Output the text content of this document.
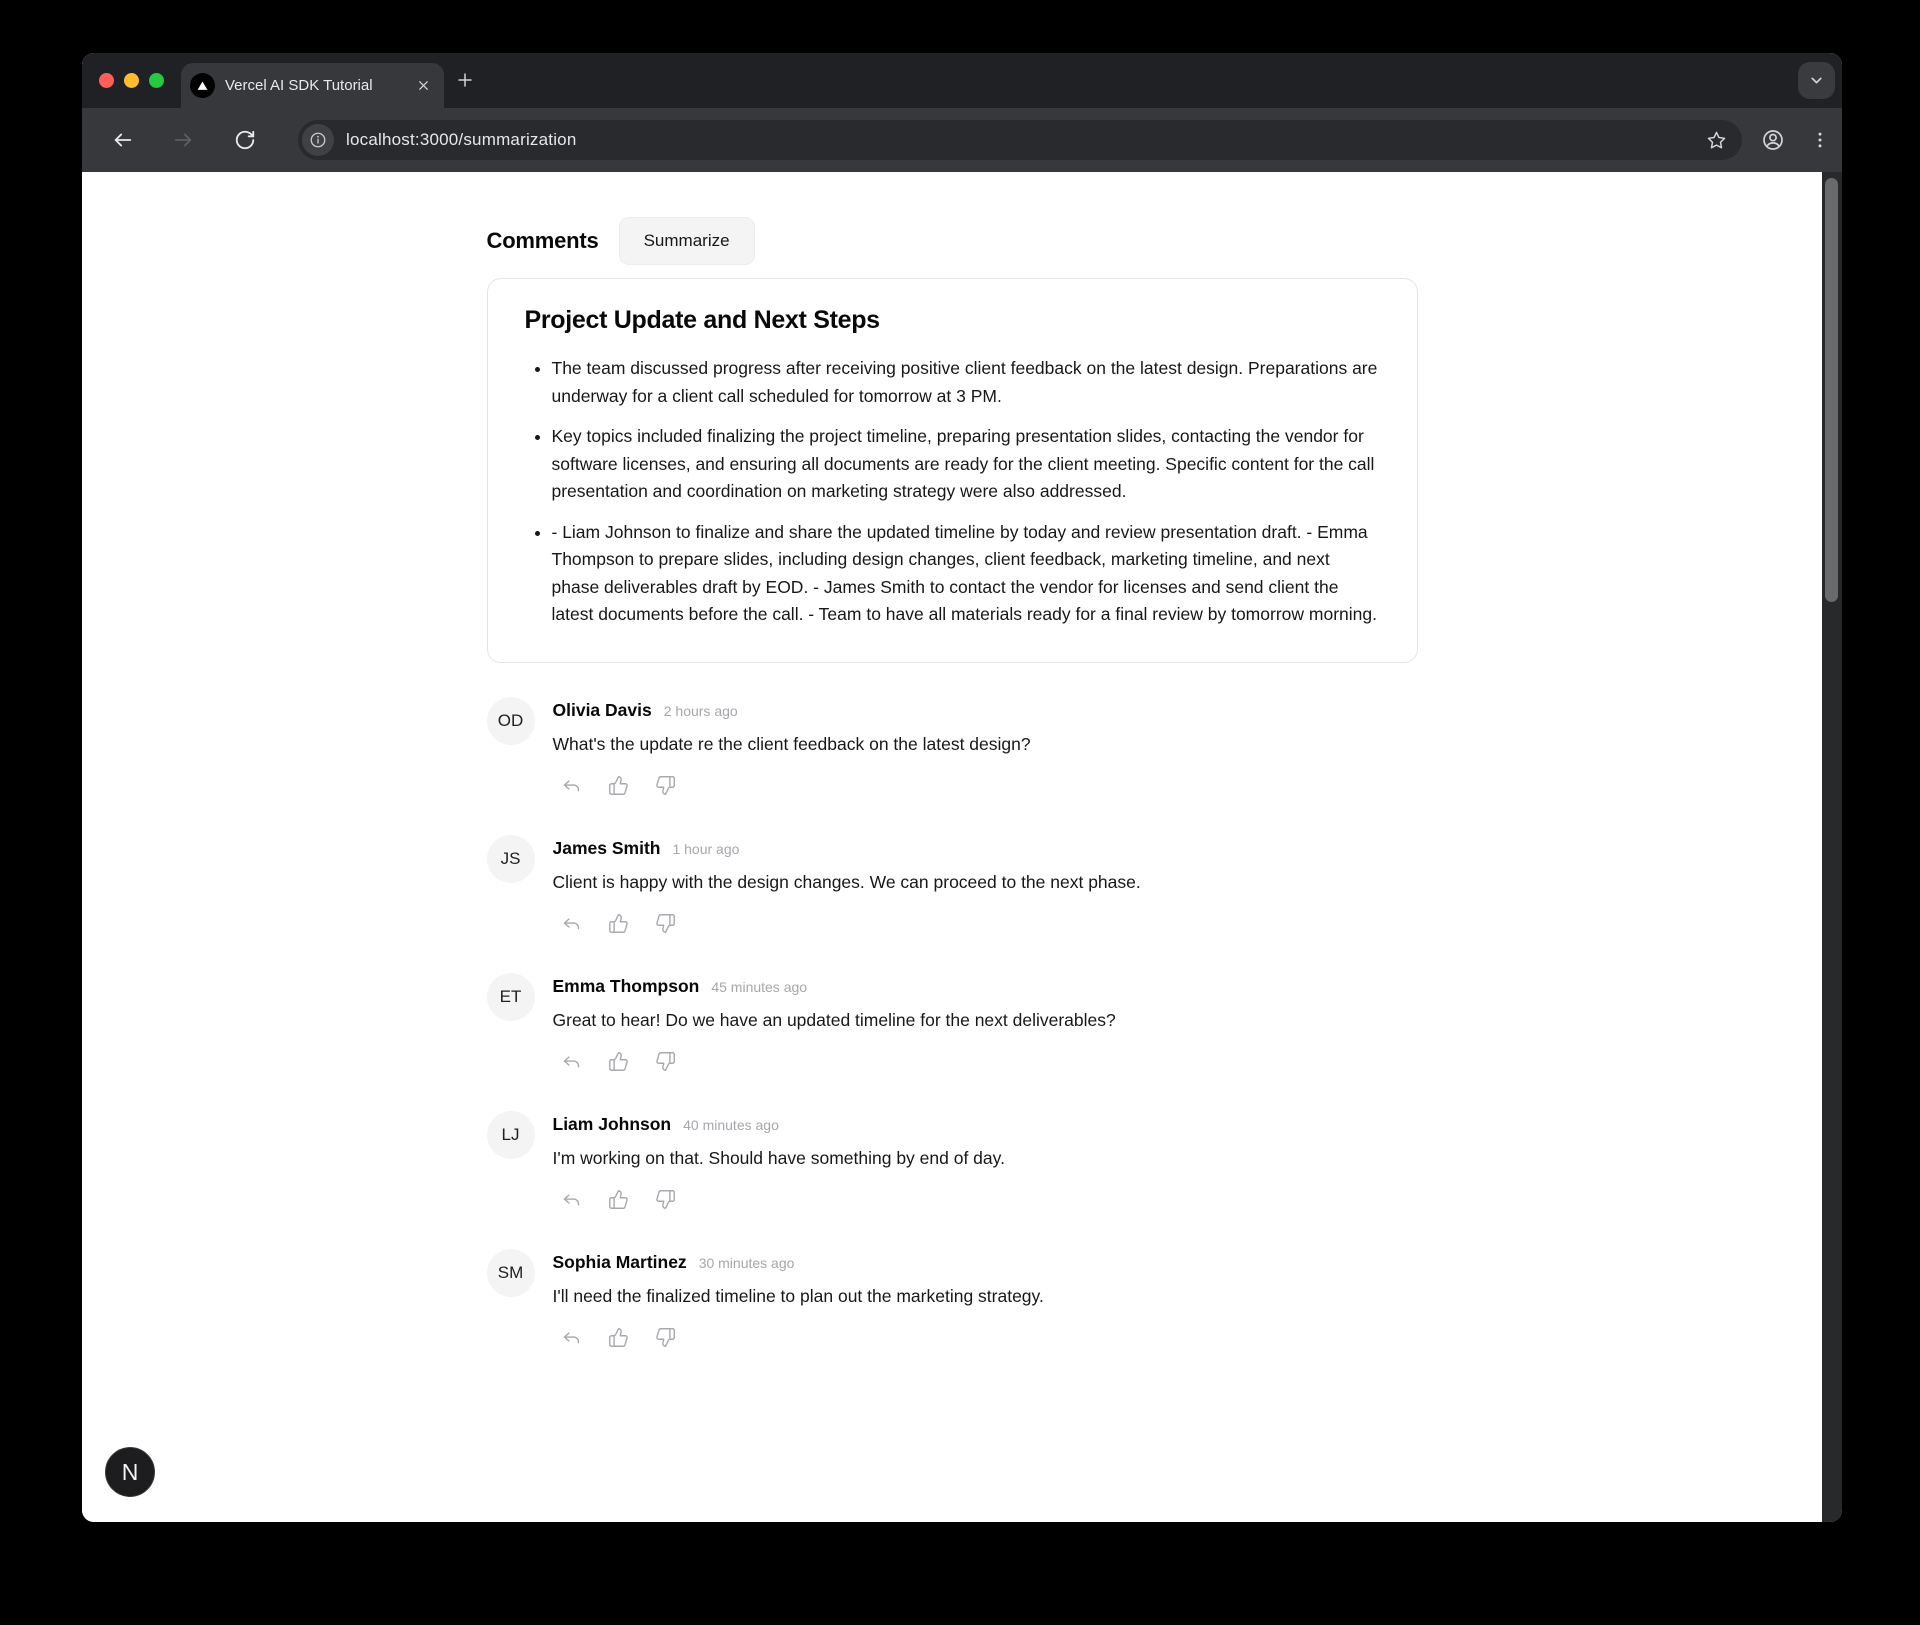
Vercel AI SDK Tutorial
localhost:3000/summarization
Comments	Summarize
Project Update and Next Steps
• The team discussed progress after receiving positive client feedback on the latest design. Preparations are underway for a client call scheduled for tomorrow at 3 PM.
• Key topics included finalizing the project timeline, preparing presentation slides, contacting the vendor for software licenses, and ensuring all documents are ready for the client meeting. Specific content for the call presentation and coordination on marketing strategy were also addressed.
• - Liam Johnson to finalize and share the updated timeline by today and review presentation draft. - Emma Thompson to prepare slides, including design changes, client feedback, marketing timeline, and next phase deliverables draft by EOD. - James Smith to contact the vendor for licenses and send client the latest documents before the call. - Team to have all materials ready for a final review by tomorrow morning.
OD
Olivia Davis 2 hours ago
What's the update re the client feedback on the latest design?
JS
James Smith 1 hour ago
Client is happy with the design changes. We can proceed to the next phase.
ET
Emma Thompson 45 minutes ago
Great to hear! Do we have an updated timeline for the next deliverables?
LJ
Liam Johnson 40 minutes ago
I'm working on that. Should have something by end of day.
SM
Sophia Martinez 30 minutes ago
I'll need the finalized timeline to plan out the marketing strategy.
N
